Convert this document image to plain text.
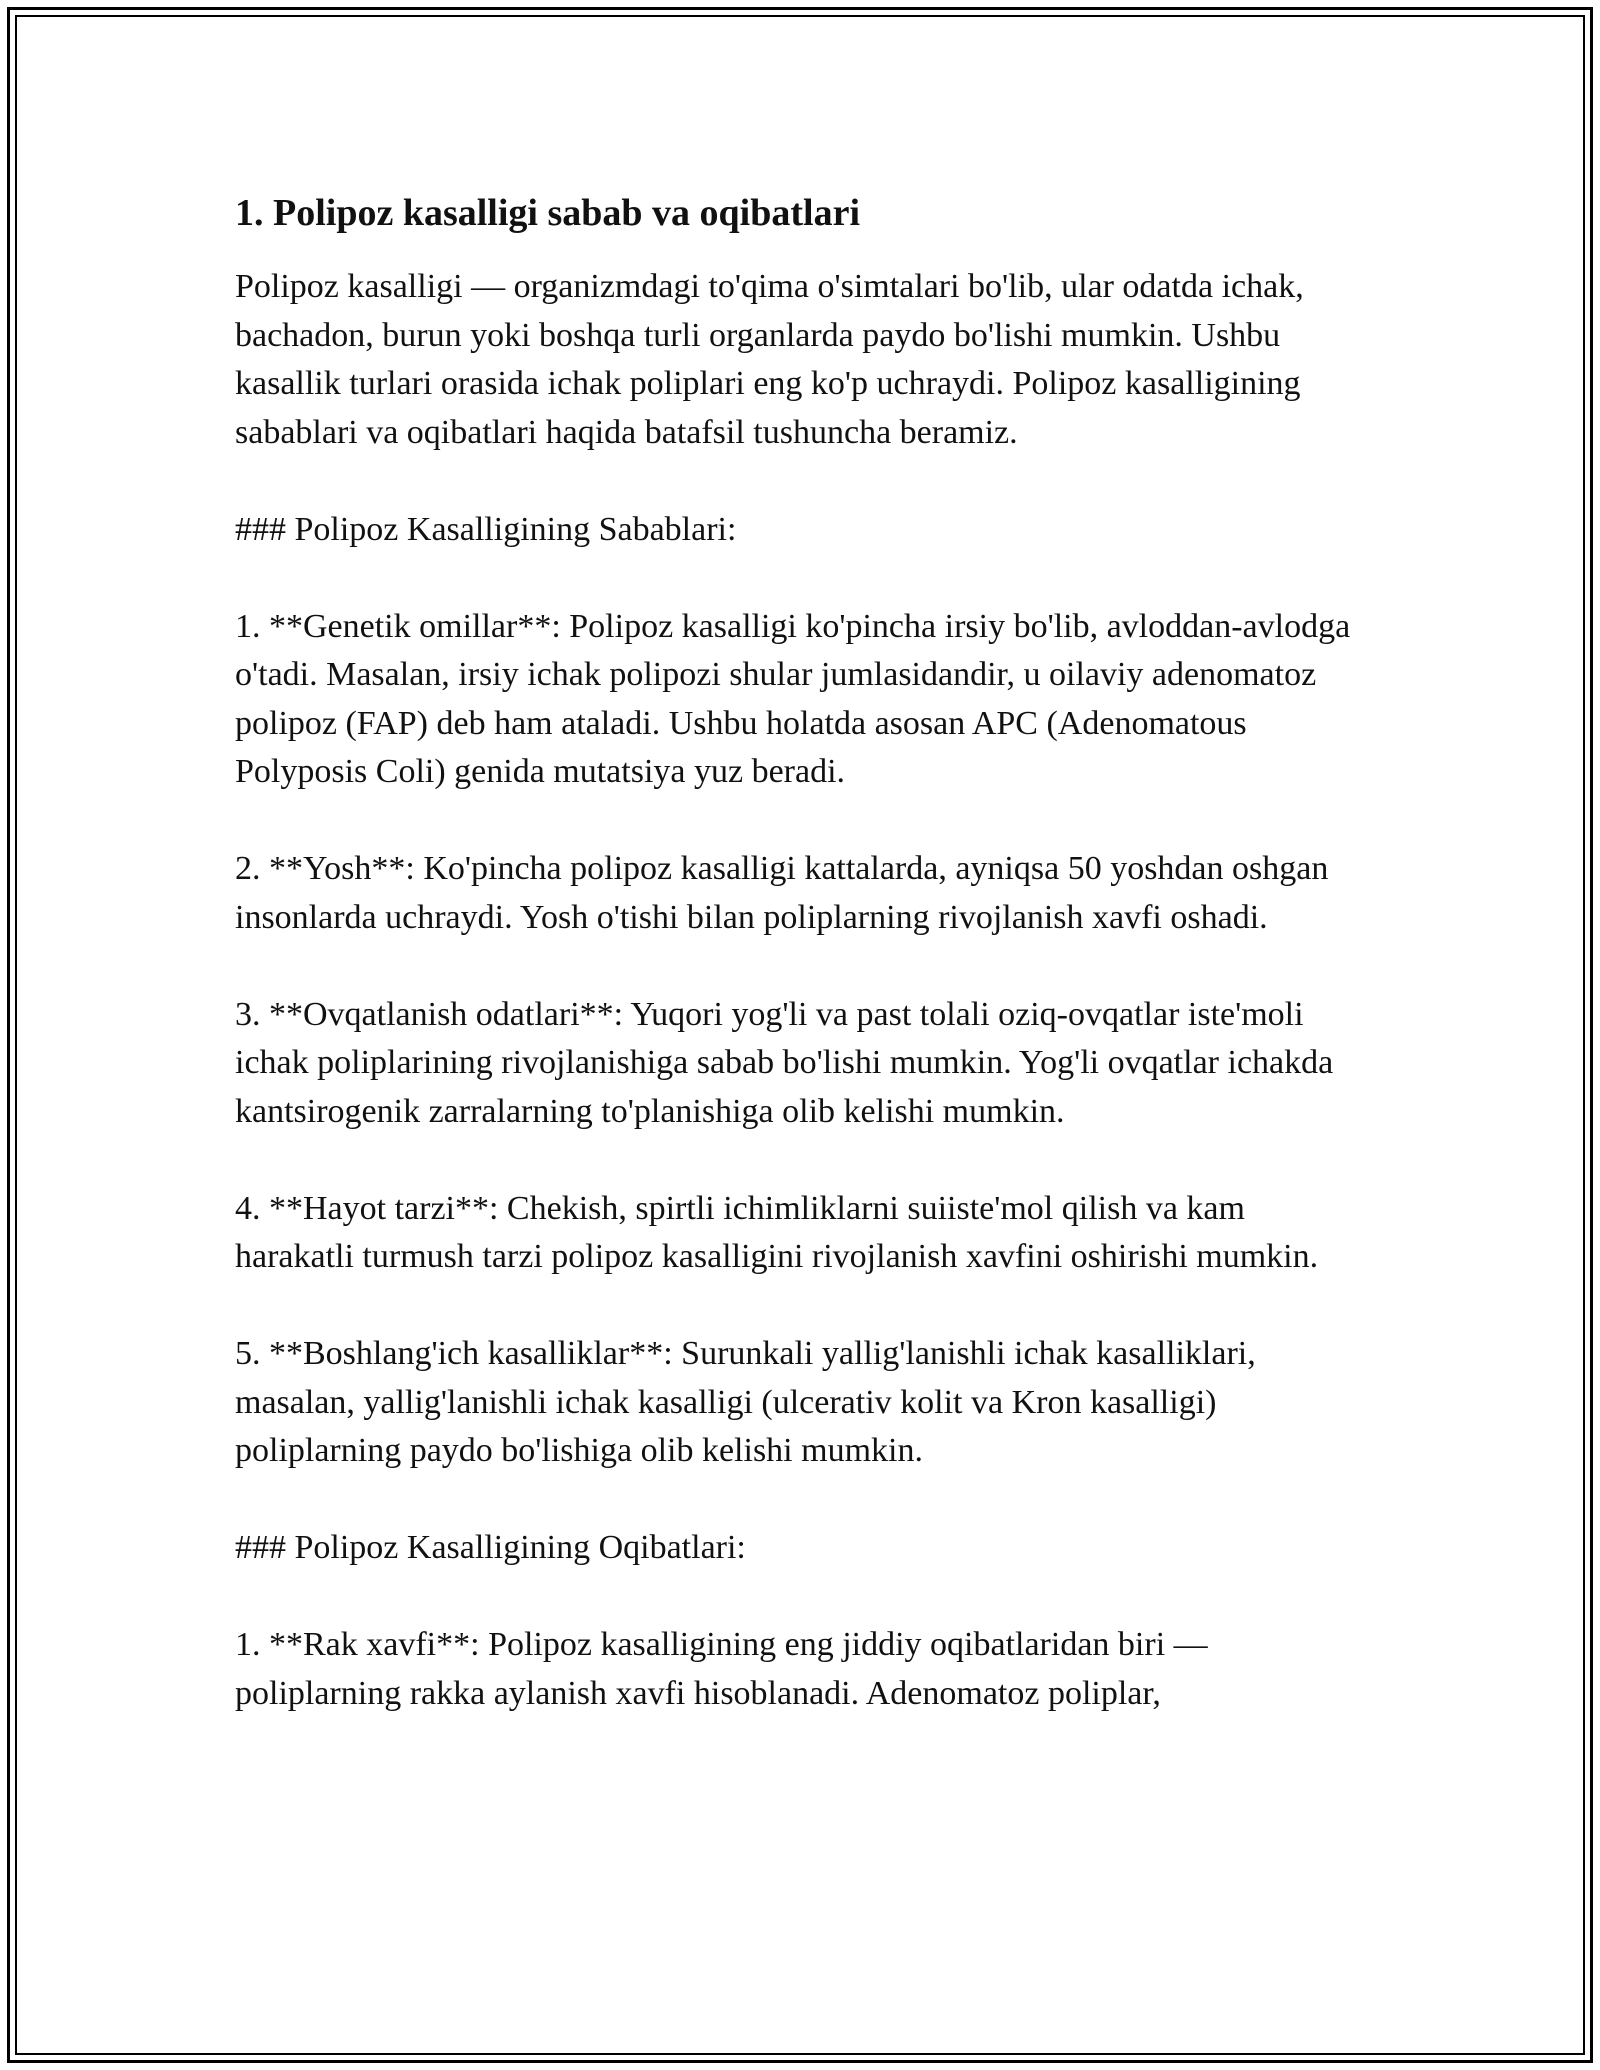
1. Polipoz kasalligi sabab va oqibatlari

Polipoz kasalligi — organizmdagi to'qima o'simtalari bo'lib, ular odatda ichak, bachadon, burun yoki boshqa turli organlarda paydo bo'lishi mumkin. Ushbu kasallik turlari orasida ichak poliplari eng ko'p uchraydi. Polipoz kasalligining sabablari va oqibatlari haqida batafsil tushuncha beramiz.

### Polipoz Kasalligining Sabablari:

1. **Genetik omillar**: Polipoz kasalligi ko'pincha irsiy bo'lib, avloddan-avlodga o'tadi. Masalan, irsiy ichak polipozi shular jumlasidandir, u oilaviy adenomatoz polipoz (FAP) deb ham ataladi. Ushbu holatda asosan APC (Adenomatous Polyposis Coli) genida mutatsiya yuz beradi.

2. **Yosh**: Ko'pincha polipoz kasalligi kattalarda, ayniqsa 50 yoshdan oshgan insonlarda uchraydi. Yosh o'tishi bilan poliplarning rivojlanish xavfi oshadi.

3. **Ovqatlanish odatlari**: Yuqori yog'li va past tolali oziq-ovqatlar iste'moli ichak poliplarining rivojlanishiga sabab bo'lishi mumkin. Yog'li ovqatlar ichakda kantsirogenik zarralarning to'planishiga olib kelishi mumkin.

4. **Hayot tarzi**: Chekish, spirtli ichimliklarni suiiste'mol qilish va kam harakatli turmush tarzi polipoz kasalligini rivojlanish xavfini oshirishi mumkin.

5. **Boshlang'ich kasalliklar**: Surunkali yallig'lanishli ichak kasalliklari, masalan, yallig'lanishli ichak kasalligi (ulcerativ kolit va Kron kasalligi) poliplarning paydo bo'lishiga olib kelishi mumkin.

### Polipoz Kasalligining Oqibatlari:

1. **Rak xavfi**: Polipoz kasalligining eng jiddiy oqibatlaridan biri — poliplarning rakka aylanish xavfi hisoblanadi. Adenomatoz poliplar,
